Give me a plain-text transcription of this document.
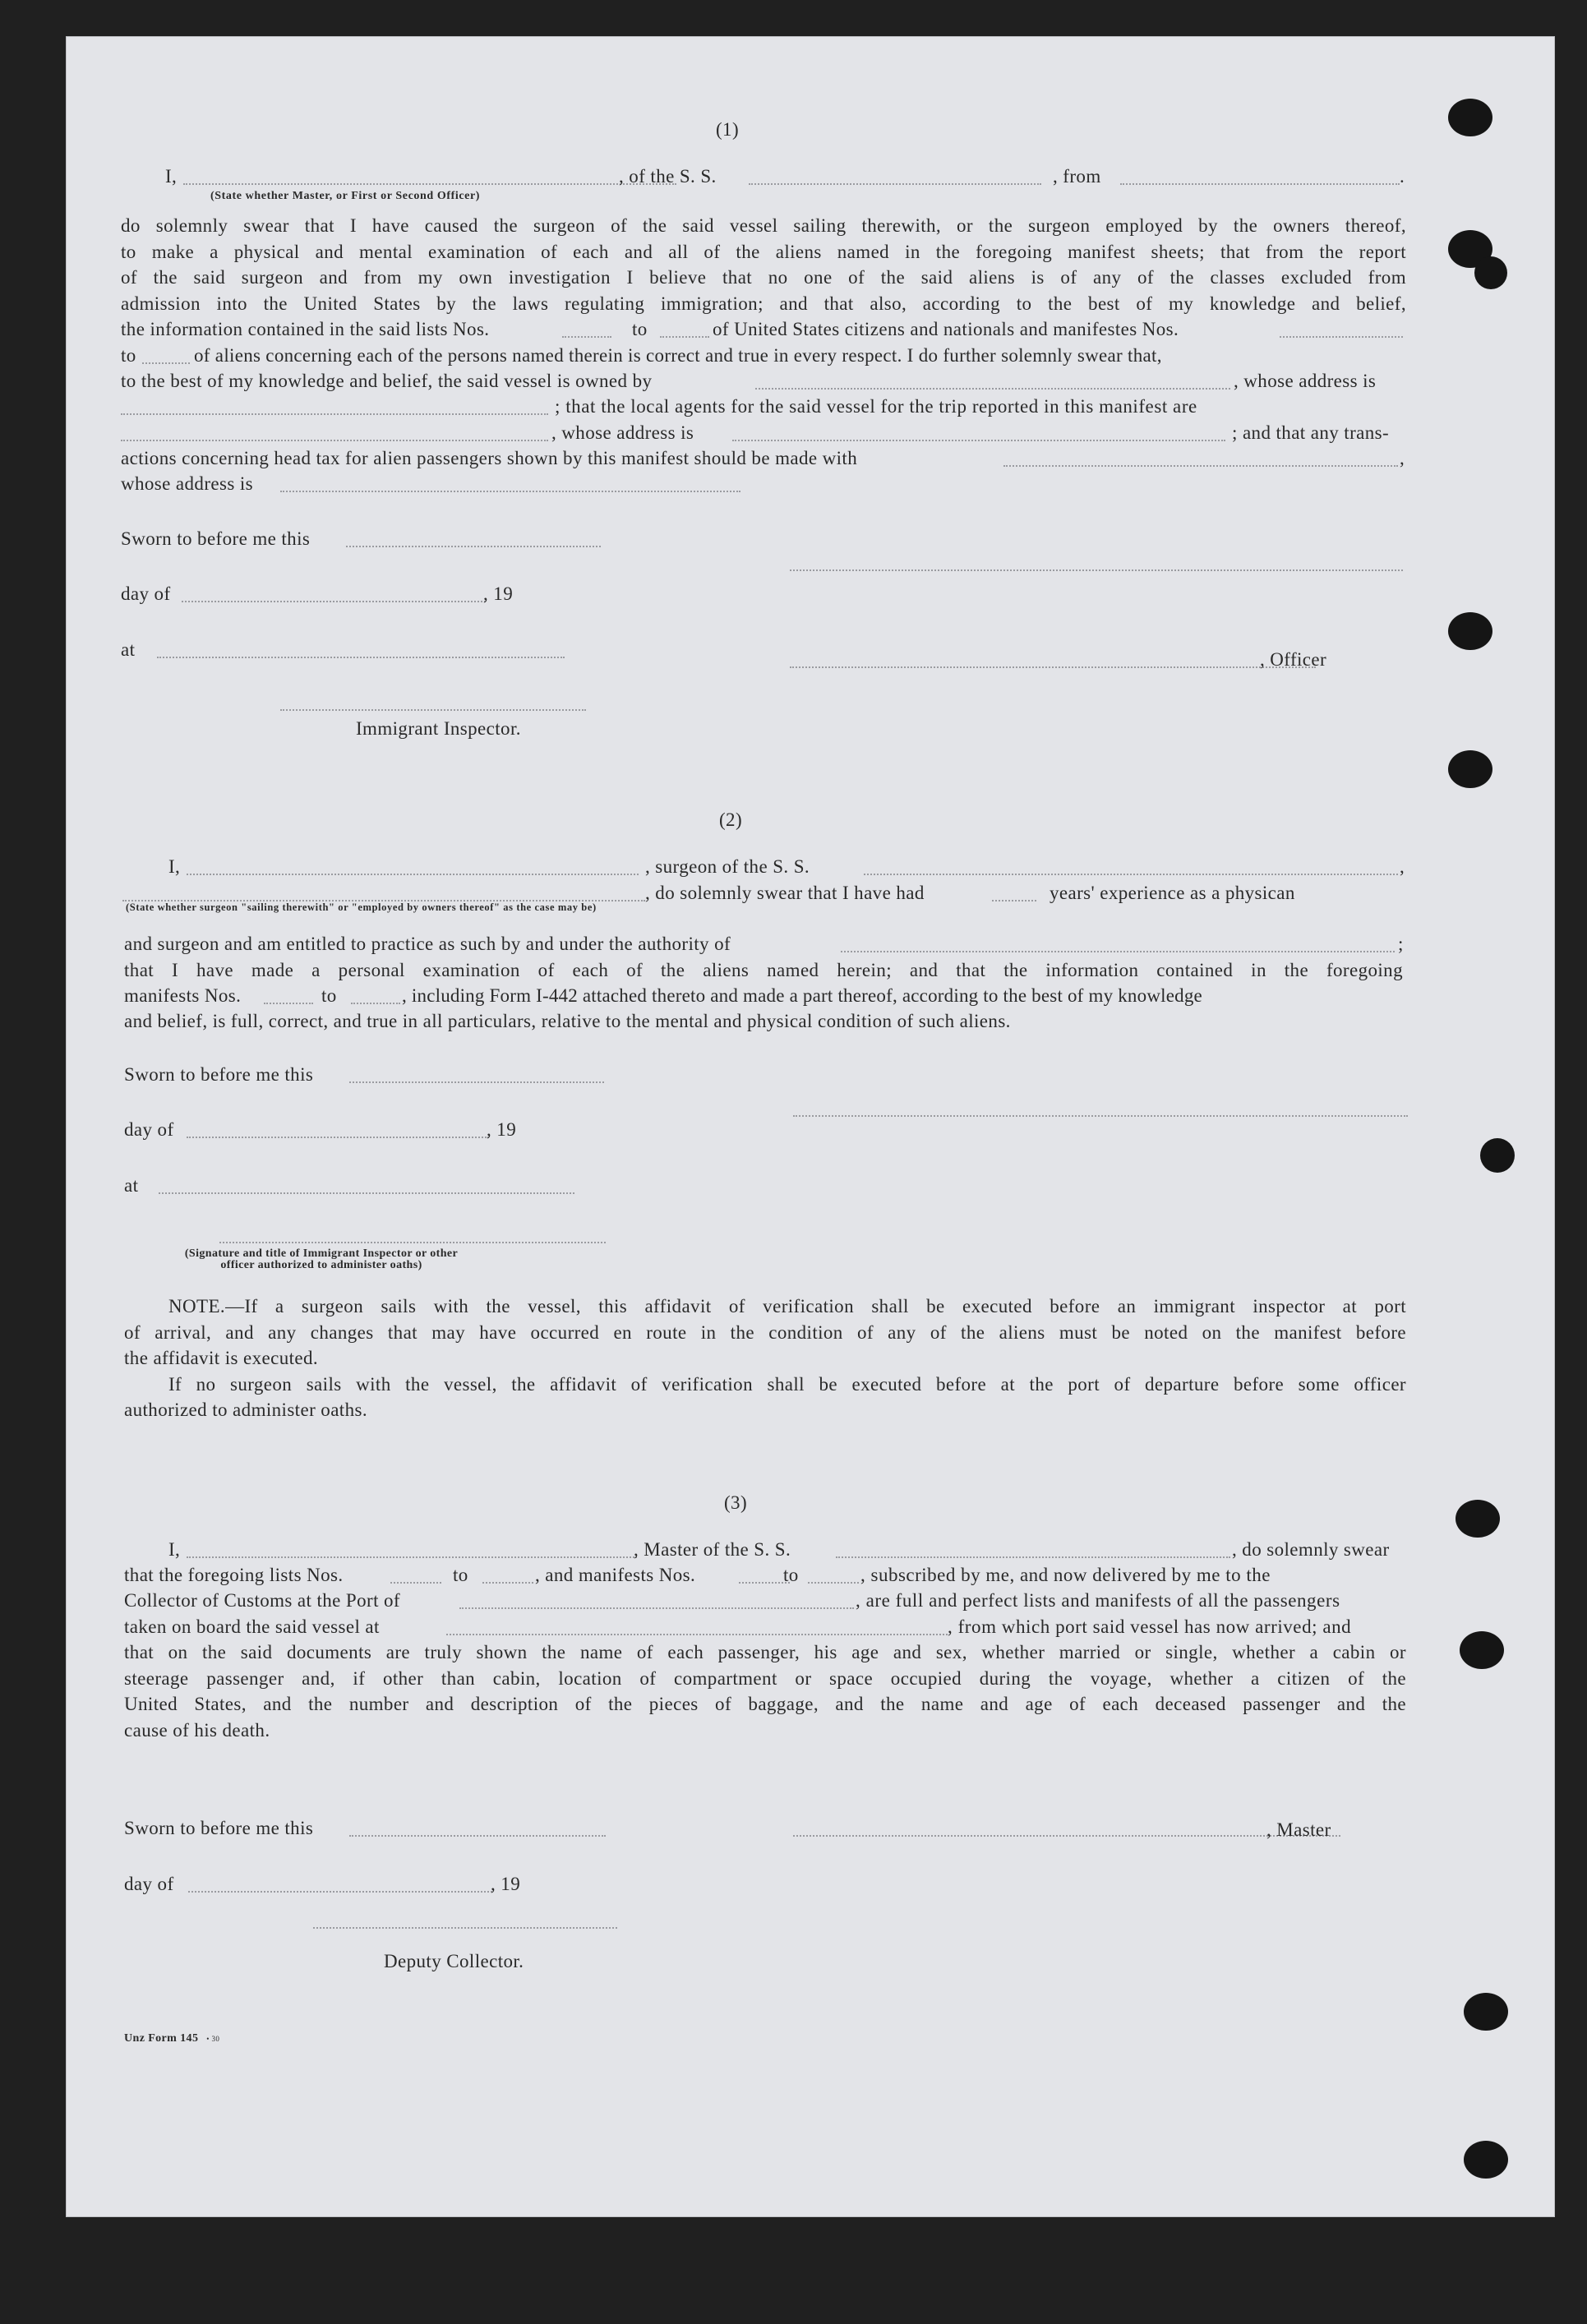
(1)
I,	, of the S. S.	, from	.
(State whether Master, or First or Second Officer)
do solemnly swear that I have caused the surgeon of the said vessel sailing therewith, or the surgeon employed by the owners thereof,
to make a physical and mental examination of each and all of the aliens named in the foregoing manifest sheets; that from the report
of the said surgeon and from my own investigation I believe that no one of the said aliens is of any of the classes excluded from
admission into the United States by the laws regulating immigration; and that also, according to the best of my knowledge and belief,
the information contained in the said lists Nos.	to	of United States citizens and nationals and manifestes Nos.
to	of aliens concerning each of the persons named therein is correct and true in every respect. I do further solemnly swear that,
to the best of my knowledge and belief, the said vessel is owned by	, whose address is
; that the local agents for the said vessel for the trip reported in this manifest are
, whose address is	; and that any trans-
actions concerning head tax for alien passengers shown by this manifest should be made with	,
whose address is
Sworn to before me this
day of	, 19
at	, Officer
Immigrant Inspector.
(2)
I,	, surgeon of the S. S.	,
, do solemnly swear that I have had	years' experience as a physican
(State whether surgeon "sailing therewith" or "employed by owners thereof" as the case may be)
and surgeon and am entitled to practice as such by and under the authority of	;
that I have made a personal examination of each of the aliens named herein; and that the information contained in the foregoing
manifests Nos.	to	, including Form I-442 attached thereto and made a part thereof, according to the best of my knowledge
and belief, is full, correct, and true in all particulars, relative to the mental and physical condition of such aliens.
Sworn to before me this
day of	, 19
at
(Signature and title of Immigrant Inspector or other
officer authorized to administer oaths)
NOTE.—If a surgeon sails with the vessel, this affidavit of verification shall be executed before an immigrant inspector at port
of arrival, and any changes that may have occurred en route in the condition of any of the aliens must be noted on the manifest before
the affidavit is executed.
If no surgeon sails with the vessel, the affidavit of verification shall be executed before at the port of departure before some officer
authorized to administer oaths.
(3)
I,	, Master of the S. S.	, do solemnly swear
that the foregoing lists Nos.	to	, and manifests Nos.	to	, subscribed by me, and now delivered by me to the
Collector of Customs at the Port of	, are full and perfect lists and manifests of all the passengers
taken on board the said vessel at	, from which port said vessel has now arrived; and
that on the said documents are truly shown the name of each passenger, his age and sex, whether married or single, whether a cabin or
steerage passenger and, if other than cabin, location of compartment or space occupied during the voyage, whether a citizen of the
United States, and the number and description of the pieces of baggage, and the name and age of each deceased passenger and the
cause of his death.
Sworn to before me this	, Master
day of	, 19
Deputy Collector.
Unz Form 145 • 30
